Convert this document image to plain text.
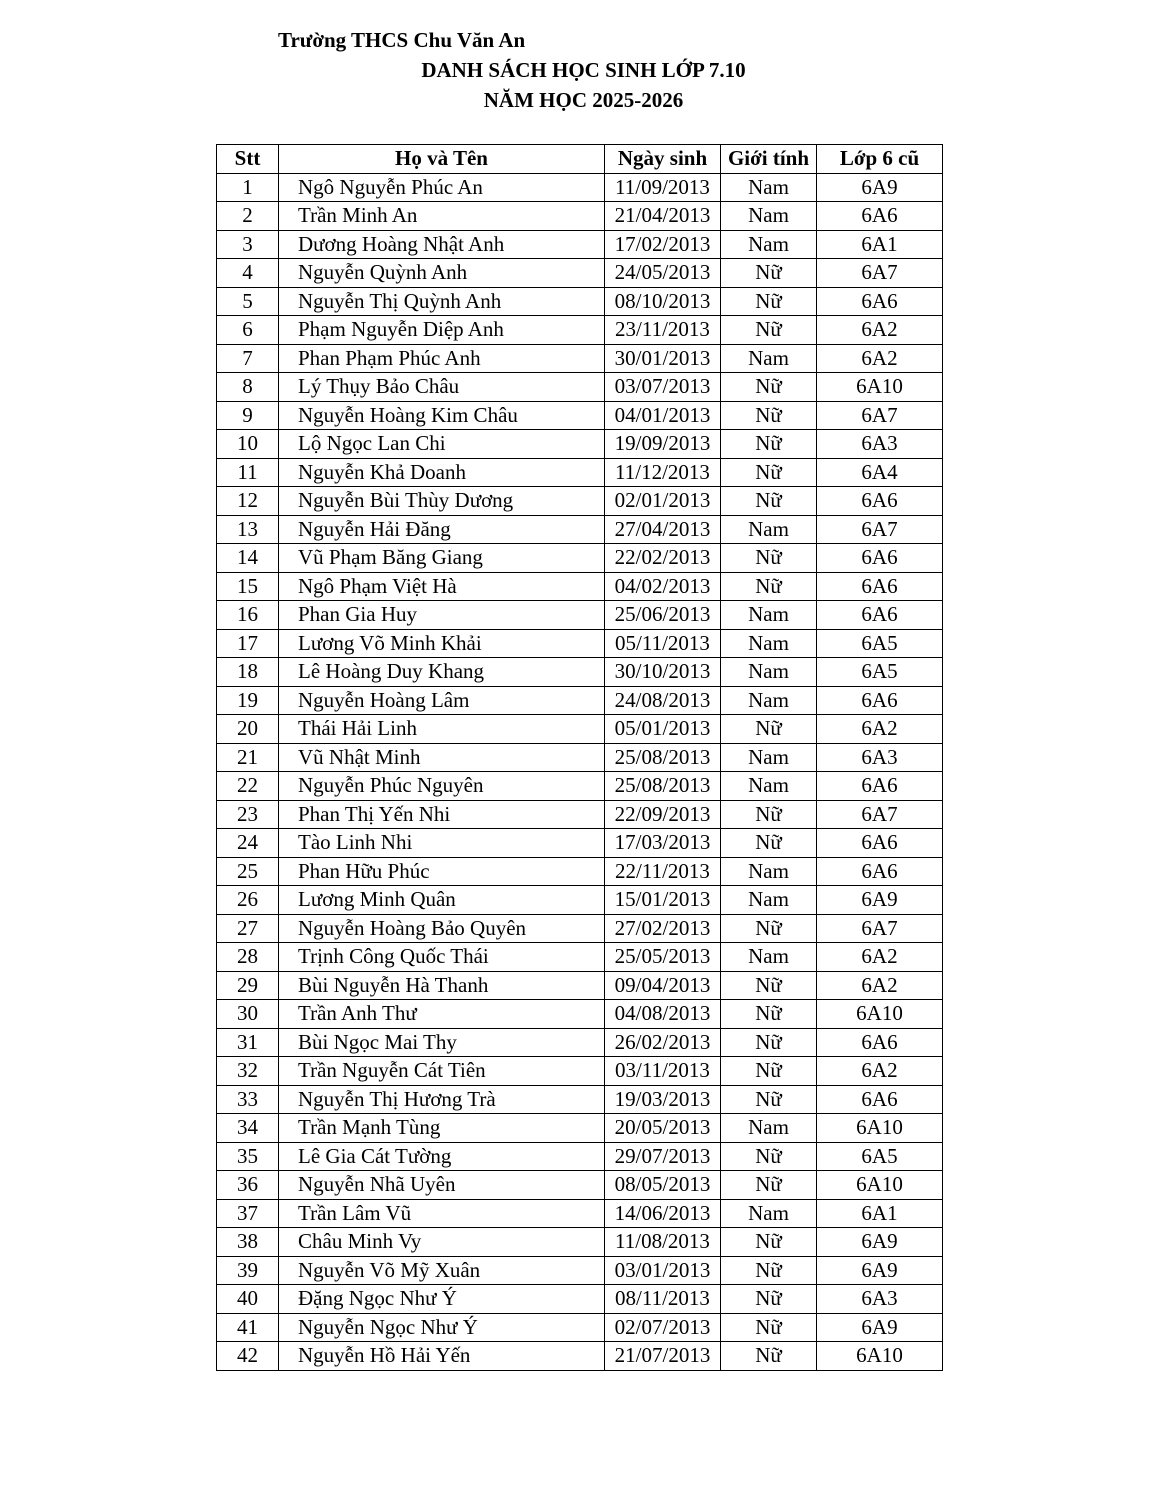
Trường THCS Chu Văn An
DANH SÁCH HỌC SINH LỚP 7.10
NĂM HỌC 2025-2026
Stt	Họ và Tên	Ngày sinh	Giới tính	Lớp 6 cũ
1	Ngô Nguyễn Phúc An	11/09/2013	Nam	6A9
2	Trần Minh An	21/04/2013	Nam	6A6
3	Dương Hoàng Nhật Anh	17/02/2013	Nam	6A1
4	Nguyễn Quỳnh Anh	24/05/2013	Nữ	6A7
5	Nguyễn Thị Quỳnh Anh	08/10/2013	Nữ	6A6
6	Phạm Nguyễn Diệp Anh	23/11/2013	Nữ	6A2
7	Phan Phạm Phúc Anh	30/01/2013	Nam	6A2
8	Lý Thụy Bảo Châu	03/07/2013	Nữ	6A10
9	Nguyễn Hoàng Kim Châu	04/01/2013	Nữ	6A7
10	Lộ Ngọc Lan Chi	19/09/2013	Nữ	6A3
11	Nguyễn Khả Doanh	11/12/2013	Nữ	6A4
12	Nguyễn Bùi Thùy Dương	02/01/2013	Nữ	6A6
13	Nguyễn Hải Đăng	27/04/2013	Nam	6A7
14	Vũ Phạm Băng Giang	22/02/2013	Nữ	6A6
15	Ngô Phạm Việt Hà	04/02/2013	Nữ	6A6
16	Phan Gia Huy	25/06/2013	Nam	6A6
17	Lương Võ Minh Khải	05/11/2013	Nam	6A5
18	Lê Hoàng Duy Khang	30/10/2013	Nam	6A5
19	Nguyễn Hoàng Lâm	24/08/2013	Nam	6A6
20	Thái Hải Linh	05/01/2013	Nữ	6A2
21	Vũ Nhật Minh	25/08/2013	Nam	6A3
22	Nguyễn Phúc Nguyên	25/08/2013	Nam	6A6
23	Phan Thị Yến Nhi	22/09/2013	Nữ	6A7
24	Tào Linh Nhi	17/03/2013	Nữ	6A6
25	Phan Hữu Phúc	22/11/2013	Nam	6A6
26	Lương Minh Quân	15/01/2013	Nam	6A9
27	Nguyễn Hoàng Bảo Quyên	27/02/2013	Nữ	6A7
28	Trịnh Công Quốc Thái	25/05/2013	Nam	6A2
29	Bùi Nguyễn Hà Thanh	09/04/2013	Nữ	6A2
30	Trần Anh Thư	04/08/2013	Nữ	6A10
31	Bùi Ngọc Mai Thy	26/02/2013	Nữ	6A6
32	Trần Nguyễn Cát Tiên	03/11/2013	Nữ	6A2
33	Nguyễn Thị Hương Trà	19/03/2013	Nữ	6A6
34	Trần Mạnh Tùng	20/05/2013	Nam	6A10
35	Lê Gia Cát Tường	29/07/2013	Nữ	6A5
36	Nguyễn Nhã Uyên	08/05/2013	Nữ	6A10
37	Trần Lâm Vũ	14/06/2013	Nam	6A1
38	Châu Minh Vy	11/08/2013	Nữ	6A9
39	Nguyễn Võ Mỹ Xuân	03/01/2013	Nữ	6A9
40	Đặng Ngọc Như Ý	08/11/2013	Nữ	6A3
41	Nguyễn Ngọc Như Ý	02/07/2013	Nữ	6A9
42	Nguyễn Hồ Hải Yến	21/07/2013	Nữ	6A10
